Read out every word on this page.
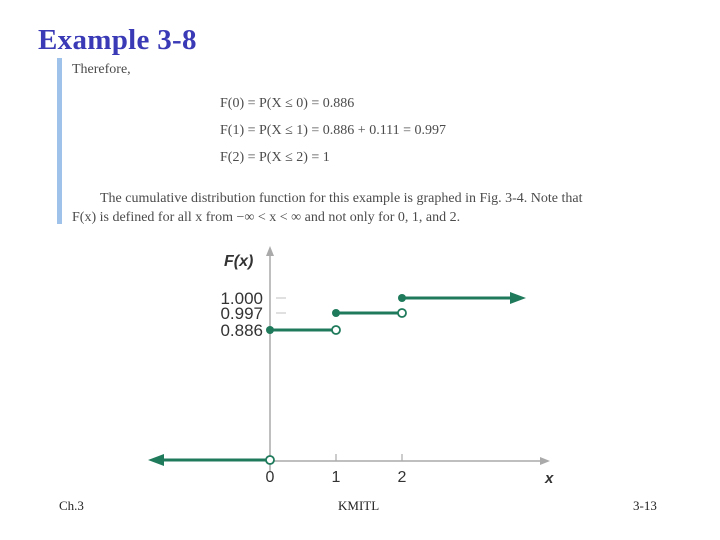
Example 3-8
Therefore,
F(0) = P(X ≤ 0) = 0.886
F(1) = P(X ≤ 1) = 0.886 + 0.111 = 0.997
F(2) = P(X ≤ 2) = 1
The cumulative distribution function for this example is graphed in Fig. 3-4. Note that
F(x) is defined for all x from −∞ < x < ∞ and not only for 0, 1, and 2.
F(x)
x
1.000
0.997
0.886
0	1	2
Ch.3	KMITL	3-13
